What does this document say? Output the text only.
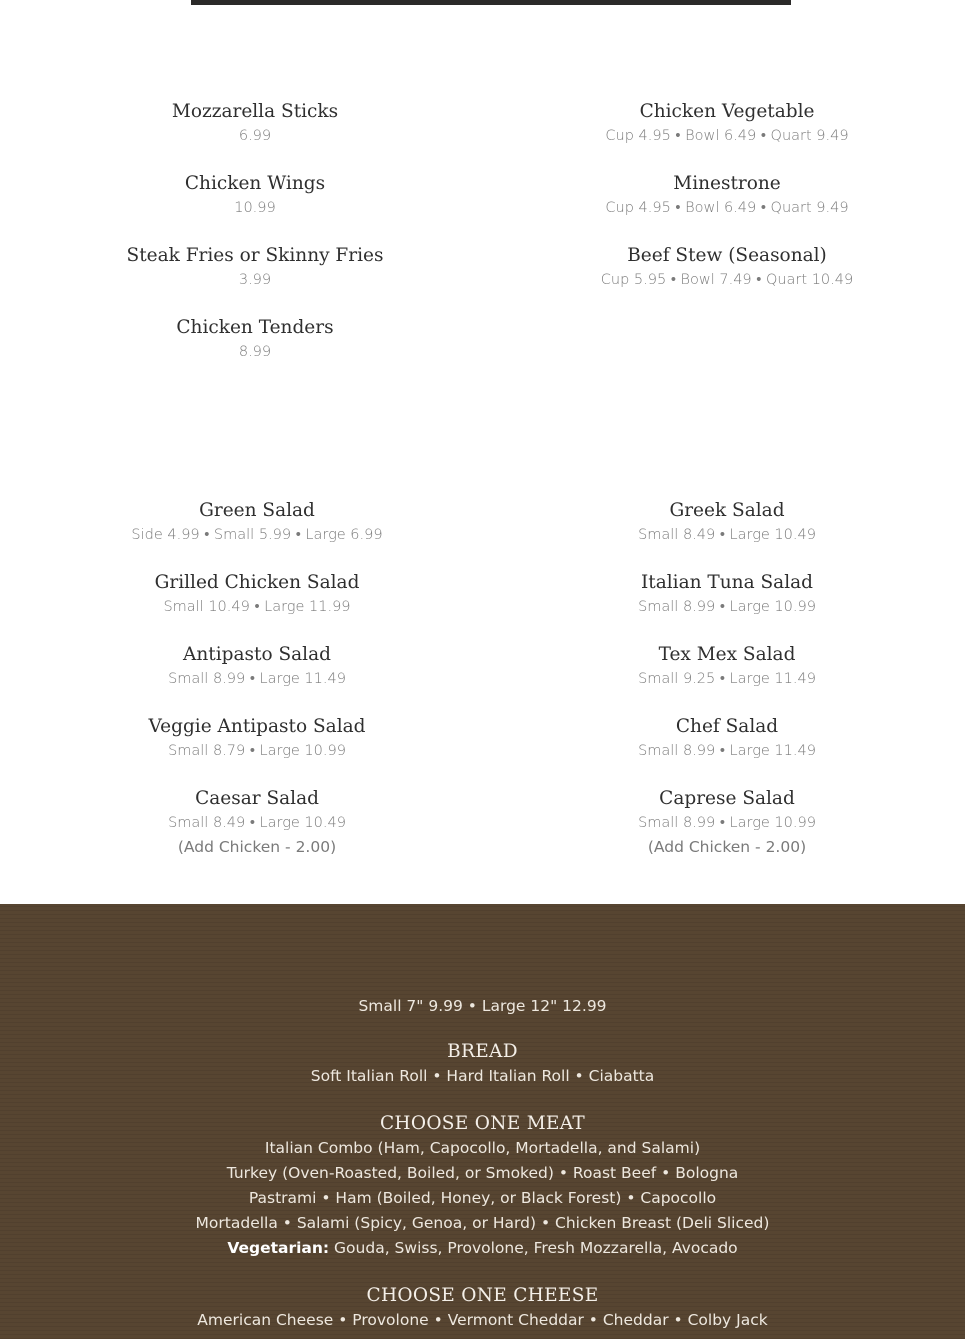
Mozzarella Sticks
6.99
Chicken Wings
10.99
Steak Fries or Skinny Fries
3.99
Chicken Tenders
8.99
Chicken Vegetable
Cup 4.95 • Bowl 6.49 • Quart 9.49
Minestrone
Cup 4.95 • Bowl 6.49 • Quart 9.49
Beef Stew (Seasonal)
Cup 5.95 • Bowl 7.49 • Quart 10.49
Green Salad
Side 4.99 • Small 5.99 • Large 6.99
Grilled Chicken Salad
Small 10.49 • Large 11.99
Antipasto Salad
Small 8.99 • Large 11.49
Veggie Antipasto Salad
Small 8.79 • Large 10.99
Caesar Salad
Small 8.49 • Large 10.49
(Add Chicken - 2.00)
Greek Salad
Small 8.49 • Large 10.49
Italian Tuna Salad
Small 8.99 • Large 10.99
Tex Mex Salad
Small 9.25 • Large 11.49
Chef Salad
Small 8.99 • Large 11.49
Caprese Salad
Small 8.99 • Large 10.99
(Add Chicken - 2.00)
Small 7" 9.99 • Large 12" 12.99
BREAD
Soft Italian Roll • Hard Italian Roll • Ciabatta
CHOOSE ONE MEAT
Italian Combo (Ham, Capocollo, Mortadella, and Salami)
Turkey (Oven-Roasted, Boiled, or Smoked) • Roast Beef • Bologna
Pastrami • Ham (Boiled, Honey, or Black Forest) • Capocollo
Mortadella • Salami (Spicy, Genoa, or Hard) • Chicken Breast (Deli Sliced)
Vegetarian: Gouda, Swiss, Provolone, Fresh Mozzarella, Avocado
CHOOSE ONE CHEESE
American Cheese • Provolone • Vermont Cheddar • Cheddar • Colby Jack
